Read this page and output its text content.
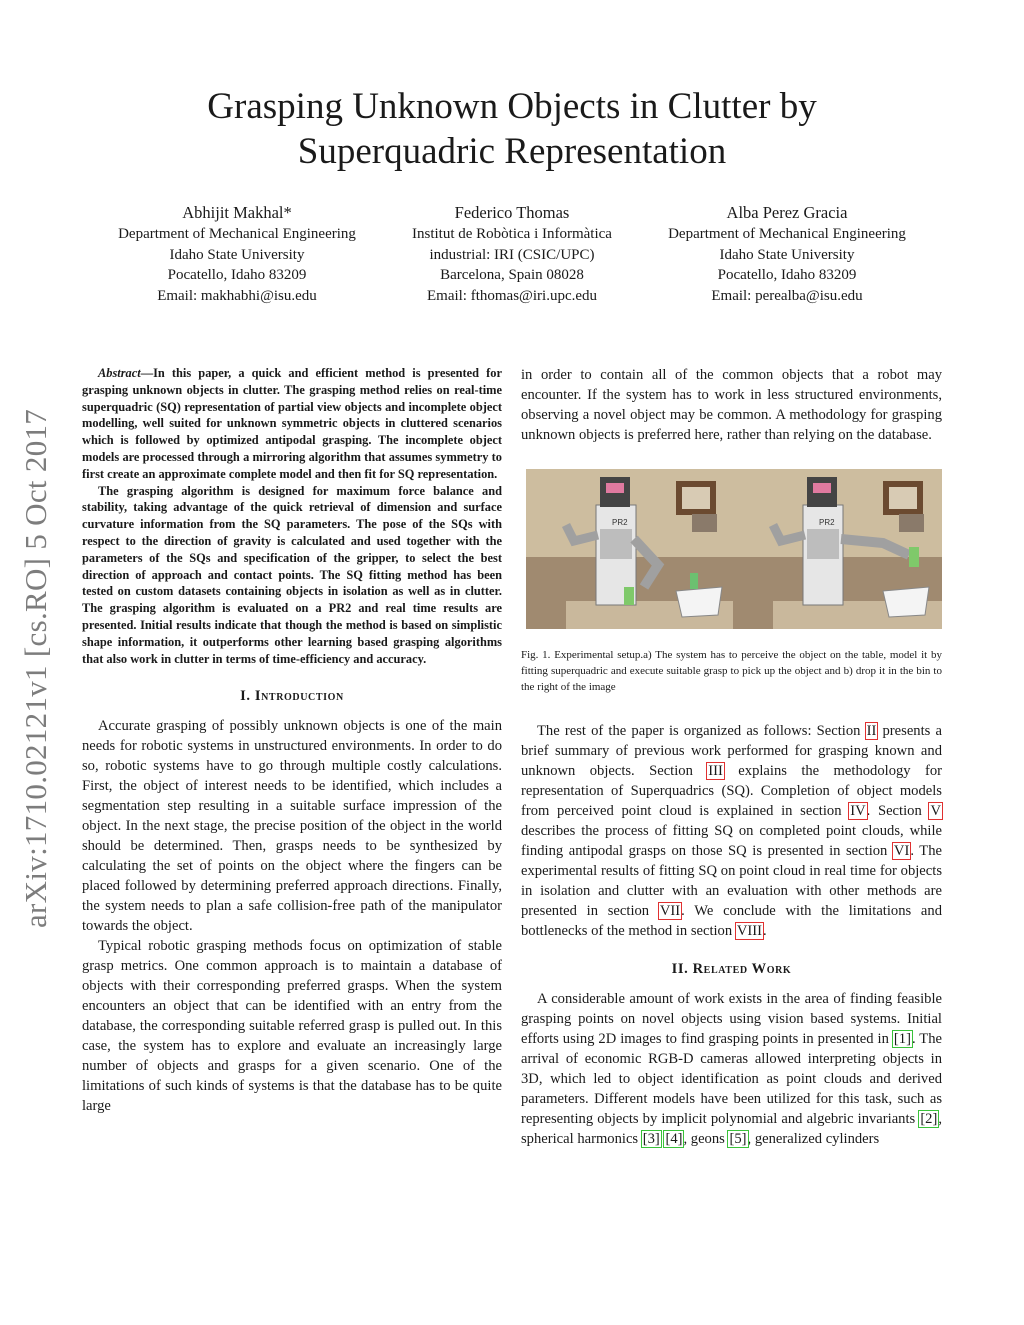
Grasping Unknown Objects in Clutter by
Superquadric Representation
Abhijit Makhal*
Department of Mechanical Engineering
Idaho State University
Pocatello, Idaho 83209
Email: makhabhi@isu.edu
Federico Thomas
Institut de Robòtica i Informàtica
industrial: IRI (CSIC/UPC)
Barcelona, Spain 08028
Email: fthomas@iri.upc.edu
Alba Perez Gracia
Department of Mechanical Engineering
Idaho State University
Pocatello, Idaho 83209
Email: perealba@isu.edu
arXiv:1710.02121v1 [cs.RO] 5 Oct 2017

Abstract—In this paper, a quick and efficient method is presented for grasping unknown objects in clutter. The grasping method relies on real-time superquadric (SQ) representation of partial view objects and incomplete object modelling, well suited for unknown symmetric objects in cluttered scenarios which is followed by optimized antipodal grasping. The incomplete object models are processed through a mirroring algorithm that assumes symmetry to first create an approximate complete model and then fit for SQ representation.

The grasping algorithm is designed for maximum force balance and stability, taking advantage of the quick retrieval of dimension and surface curvature information from the SQ parameters. The pose of the SQs with respect to the direction of gravity is calculated and used together with the parameters of the SQs and specification of the gripper, to select the best direction of approach and contact points. The SQ fitting method has been tested on custom datasets containing objects in isolation as well as in clutter. The grasping algorithm is evaluated on a PR2 and real time results are presented. Initial results indicate that though the method is based on simplistic shape information, it outperforms other learning based grasping algorithms that also work in clutter in terms of time-efficiency and accuracy.

I. Introduction

Accurate grasping of possibly unknown objects is one of the main needs for robotic systems in unstructured environments. In order to do so, robotic systems have to go through multiple costly calculations. First, the object of interest needs to be identified, which includes a segmentation step resulting in a suitable surface impression of the object. In the next stage, the precise position of the object in the world should be determined. Then, grasps needs to be synthesized by calculating the set of points on the object where the fingers can be placed followed by determining preferred approach directions. Finally, the system needs to plan a safe collision-free path of the manipulator towards the object.

Typical robotic grasping methods focus on optimization of stable grasp metrics. One common approach is to maintain a database of objects with their corresponding preferred grasps. When the system encounters an object that can be identified with an entry from the database, the corresponding suitable referred grasp is pulled out. In this case, the system has to explore and evaluate an increasingly large number of objects and grasps for a given scenario. One of the limitations of such kinds of systems is that the database has to be quite large

in order to contain all of the common objects that a robot may encounter. If the system has to work in less structured environments, observing a novel object may be common. A methodology for grasping unknown objects is preferred here, rather than relying on the database.

PR2	PR2

Fig. 1. Experimental setup.a) The system has to perceive the object on the table, model it by fitting superquadric and execute suitable grasp to pick up the object and b) drop it in the bin to the right of the image

The rest of the paper is organized as follows: Section II presents a brief summary of previous work performed for grasping known and unknown objects. Section III explains the methodology for representation of Superquadrics (SQ). Completion of object models from perceived point cloud is explained in section IV. Section V describes the process of fitting SQ on completed point clouds, while finding antipodal grasps on those SQ is presented in section VI. The experimental results of fitting SQ on point cloud in real time for objects in isolation and clutter with an evaluation with other methods are presented in section VII. We conclude with the limitations and bottlenecks of the method in section VIII.

II. Related Work

A considerable amount of work exists in the area of finding feasible grasping points on novel objects using vision based systems. Initial efforts using 2D images to find grasping points in presented in [1]. The arrival of economic RGB-D cameras allowed interpreting objects in 3D, which led to object identification as point clouds and derived parameters. Different models have been utilized for this task, such as representing objects by implicit polynomial and algebric invariants [2], spherical harmonics [3] [4], geons [5], generalized cylinders
